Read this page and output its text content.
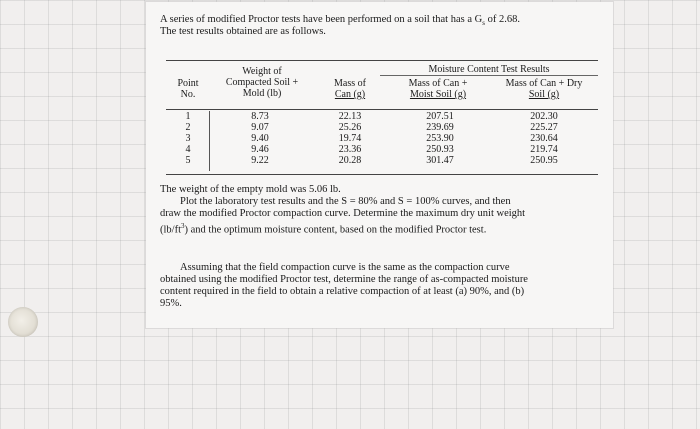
A series of modified Proctor tests have been performed on a soil that has a $G_s$ of 2.68.
The test results obtained are as follows.
Moisture Content Test Results
Point
No.
Weight of
Compacted Soil +
Mold (lb)
Mass of
Can (g)
Mass of Can +
Moist Soil (g)
Mass of Can + Dry
Soil (g)
1
2
3
4
5
8.73
9.07
9.40
9.46
9.22
22.13
25.26
19.74
23.36
20.28
207.51
239.69
253.90
250.93
301.47
202.30
225.27
230.64
219.74
250.95
The weight of the empty mold was 5.06 lb.
Plot the laboratory test results and the S = 80% and S = 100% curves, and then
draw the modified Proctor compaction curve. Determine the maximum dry unit weight
$(lb/ft^3)$ and the optimum moisture content, based on the modified Proctor test.
Assuming that the field compaction curve is the same as the compaction curve
obtained using the modified Proctor test, determine the range of as-compacted moisture
content required in the field to obtain a relative compaction of at least (a) 90%, and (b)
95%.
